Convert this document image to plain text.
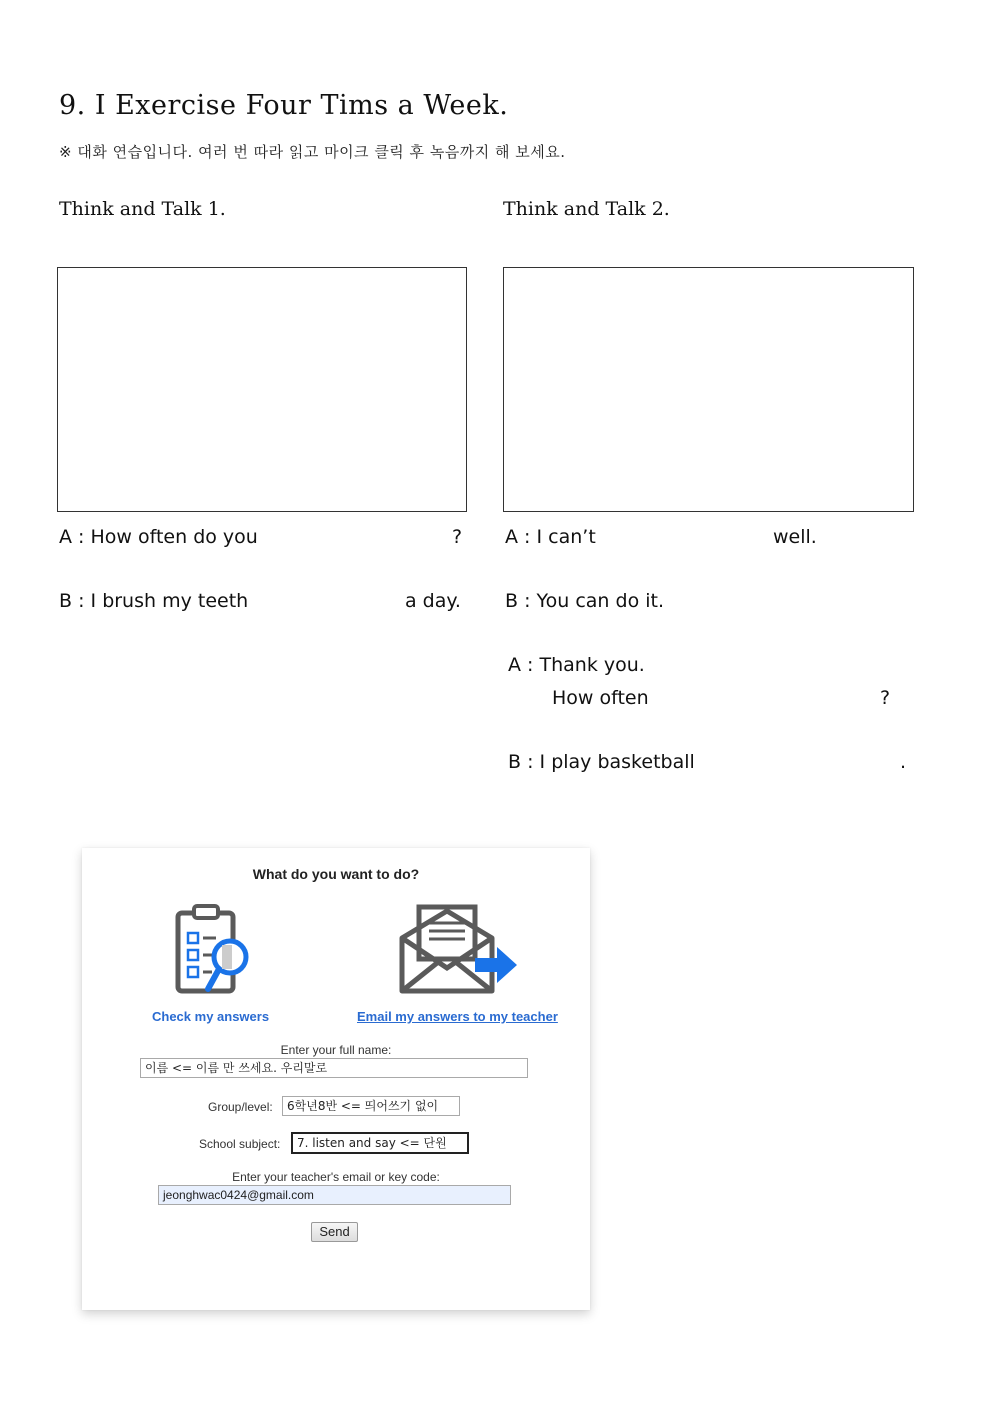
9. I Exercise Four Tims a Week.
※ 대화 연습입니다. 여러 번 따라 읽고 마이크 클릭 후 녹음까지 해 보세요.
Think and Talk 1.	Think and Talk 2.
A : How often do you	?
B : I brush my teeth	a day.
A : I can’t	well.
B : You can do it.
A : Thank you.
How often	?
B : I play basketball	.
What do you want to do?
Check my answers	Email my answers to my teacher
Enter your full name:
이름 <= 이름 만 쓰세요. 우리말로
Group/level:	6학년8반 <= 띄어쓰기 없이
School subject:	7. listen and say <= 단원
Enter your teacher's email or key code:
jeonghwac0424@gmail.com
Send
